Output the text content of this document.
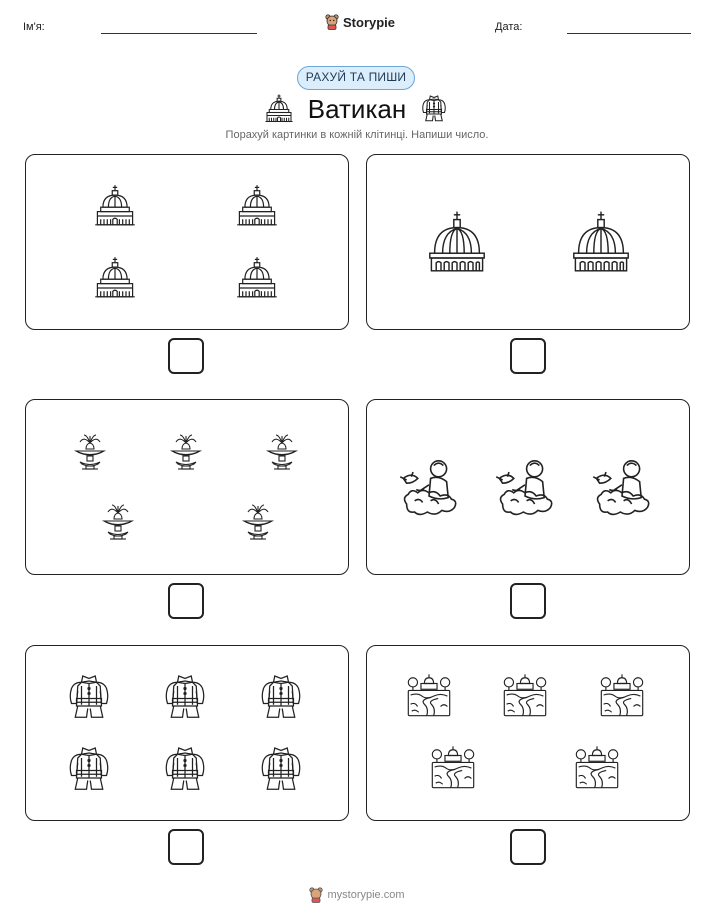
Ім'я:	Storypie	Дата:
РАХУЙ ТА ПИШИ
Ватикан
Порахуй картинки в кожній клітинці. Напиши число.
mystorypie.com
